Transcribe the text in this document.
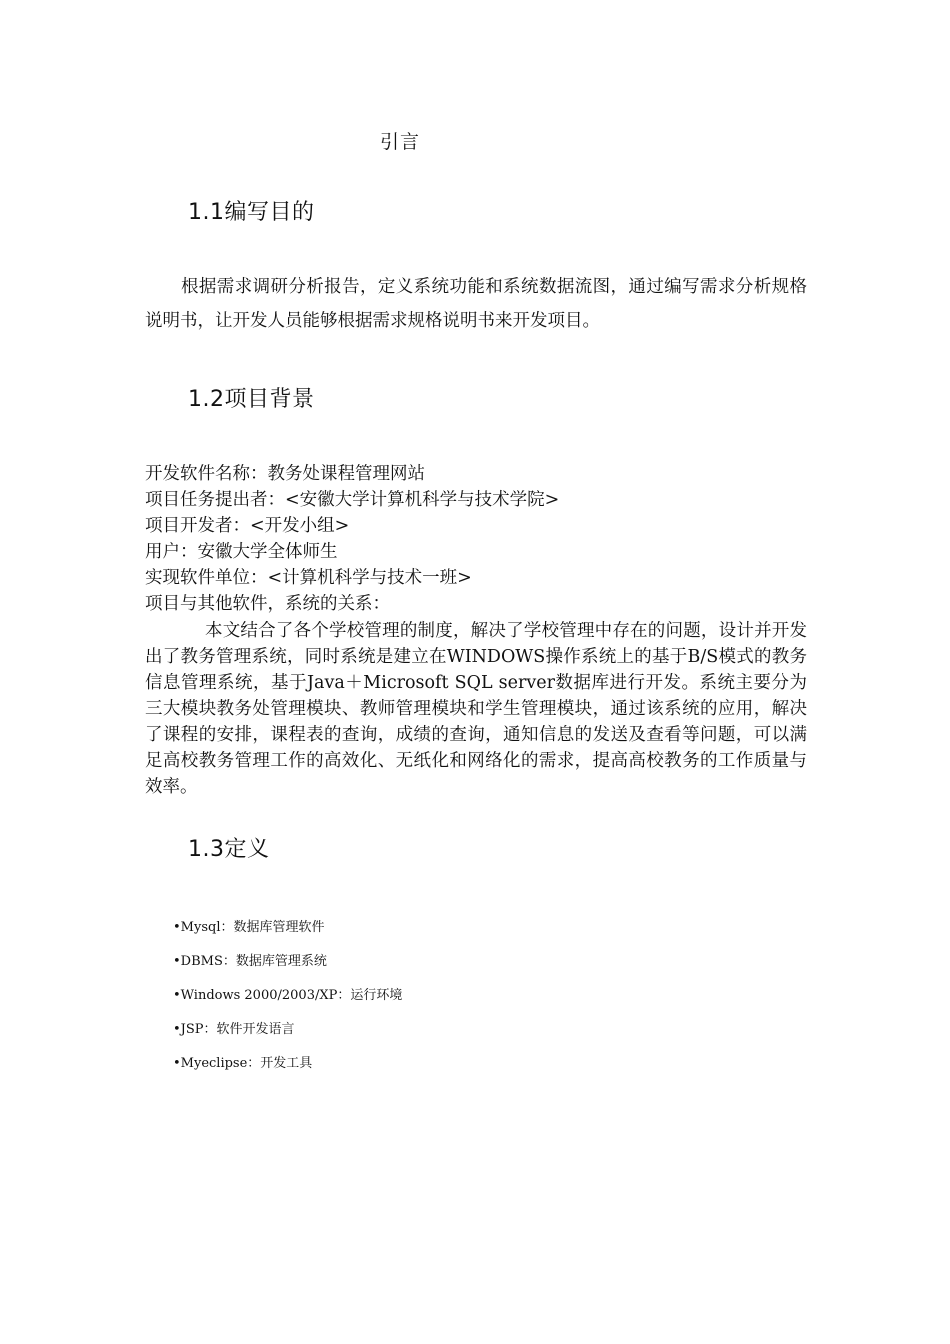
引言
1.1编写目的
根据需求调研分析报告，定义系统功能和系统数据流图，通过编写需求分析规格说明书，让开发人员能够根据需求规格说明书来开发项目。
1.2项目背景
开发软件名称：教务处课程管理网站
项目任务提出者：<安徽大学计算机科学与技术学院>
项目开发者：<开发小组>
用户：安徽大学全体师生
实现软件单位：<计算机科学与技术一班>
项目与其他软件，系统的关系：
本文结合了各个学校管理的制度，解决了学校管理中存在的问题，设计并开发出了教务管理系统，同时系统是建立在WINDOWS操作系统上的基于B/S模式的教务信息管理系统，基于Java＋Microsoft SQL server数据库进行开发。系统主要分为三大模块教务处管理模块、教师管理模块和学生管理模块，通过该系统的应用，解决了课程的安排，课程表的查询，成绩的查询，通知信息的发送及查看等问题，可以满足高校教务管理工作的高效化、无纸化和网络化的需求，提高高校教务的工作质量与效率。
1.3定义
•Mysql：数据库管理软件
•DBMS：数据库管理系统
•Windows 2000/2003/XP：运行环境
•JSP：软件开发语言
•Myeclipse：开发工具
